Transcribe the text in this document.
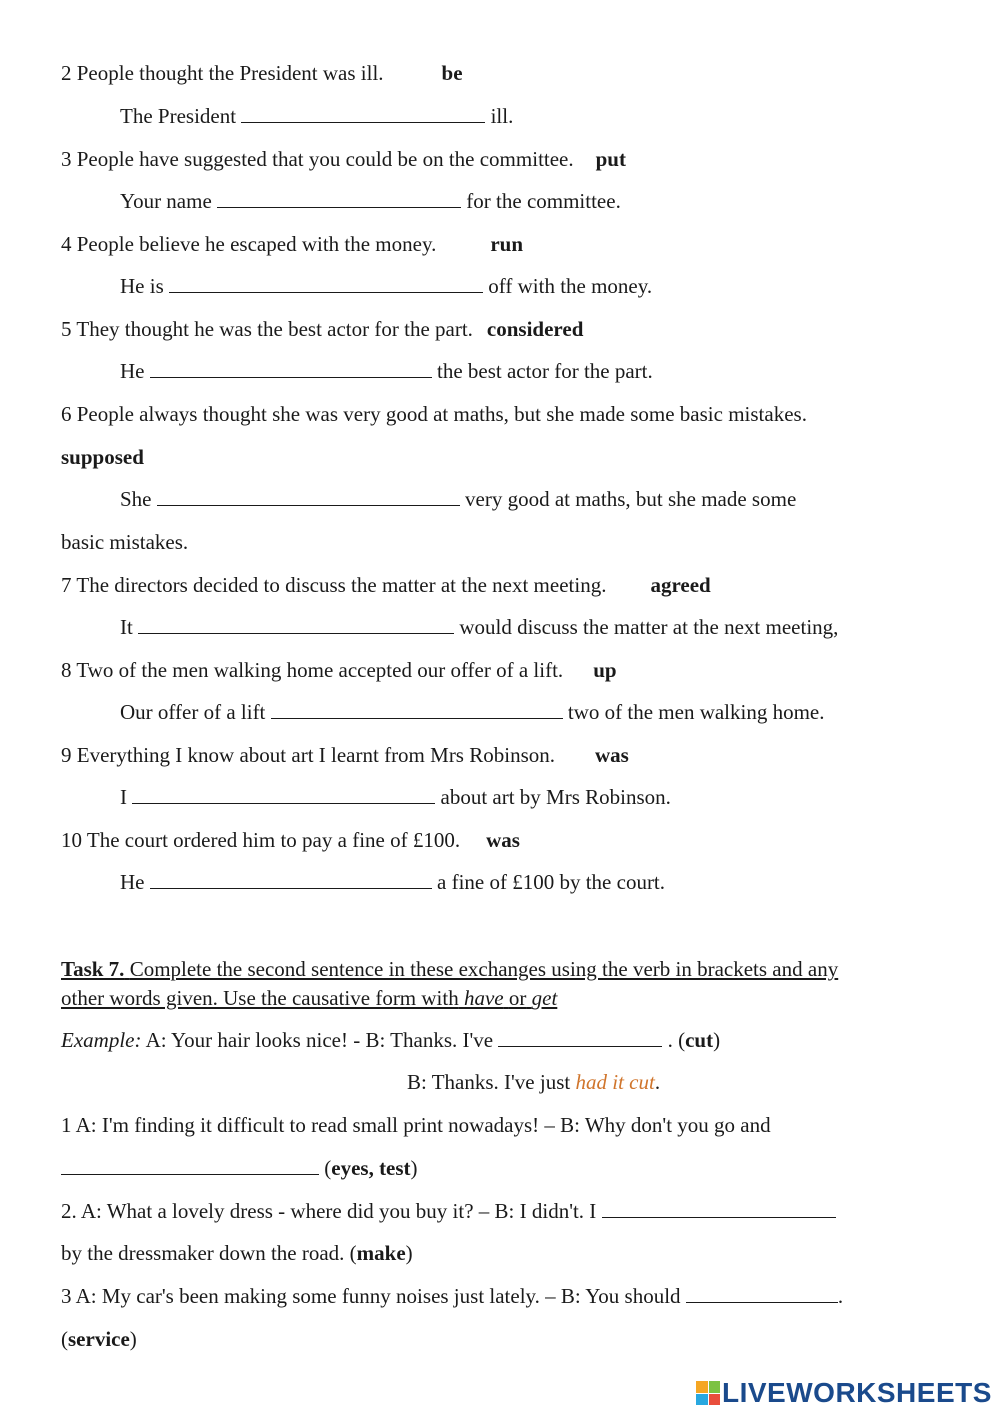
2 People thought the President was ill.	be
The President	ill.
3 People have suggested that you could be on the committee. put
Your name	for the committee.
4 People believe he escaped with the money.	run
He is	off with the money.
5 They thought he was the best actor for the part. considered
He	the best actor for the part.
6 People always thought she was very good at maths, but she made some basic mistakes.
supposed
She	very good at maths, but she made some
basic mistakes.
7 The directors decided to discuss the matter at the next meeting. agreed
It	would discuss the matter at the next meeting,
8 Two of the men walking home accepted our offer of a lift. up
Our offer of a lift	two of the men walking home.
9 Everything I know about art I learnt from Mrs Robinson. was
I	about art by Mrs Robinson.
10 The court ordered him to pay a fine of £100. was
He	a fine of £100 by the court.
Task 7. Complete the second sentence in these exchanges using the verb in brackets and any
other words given. Use the causative form with have or get
Example: A: Your hair looks nice! - B: Thanks. I've	. (cut)
B: Thanks. I've just had it cut.
1 A: I'm finding it difficult to read small print nowadays! – B: Why don't you go and
(eyes, test)
2. A: What a lovely dress - where did you buy it? – B: I didn't. I
by the dressmaker down the road. (make)
3 A: My car's been making some funny noises just lately. – B: You should	.
(service)
LIVEWORKSHEETS
